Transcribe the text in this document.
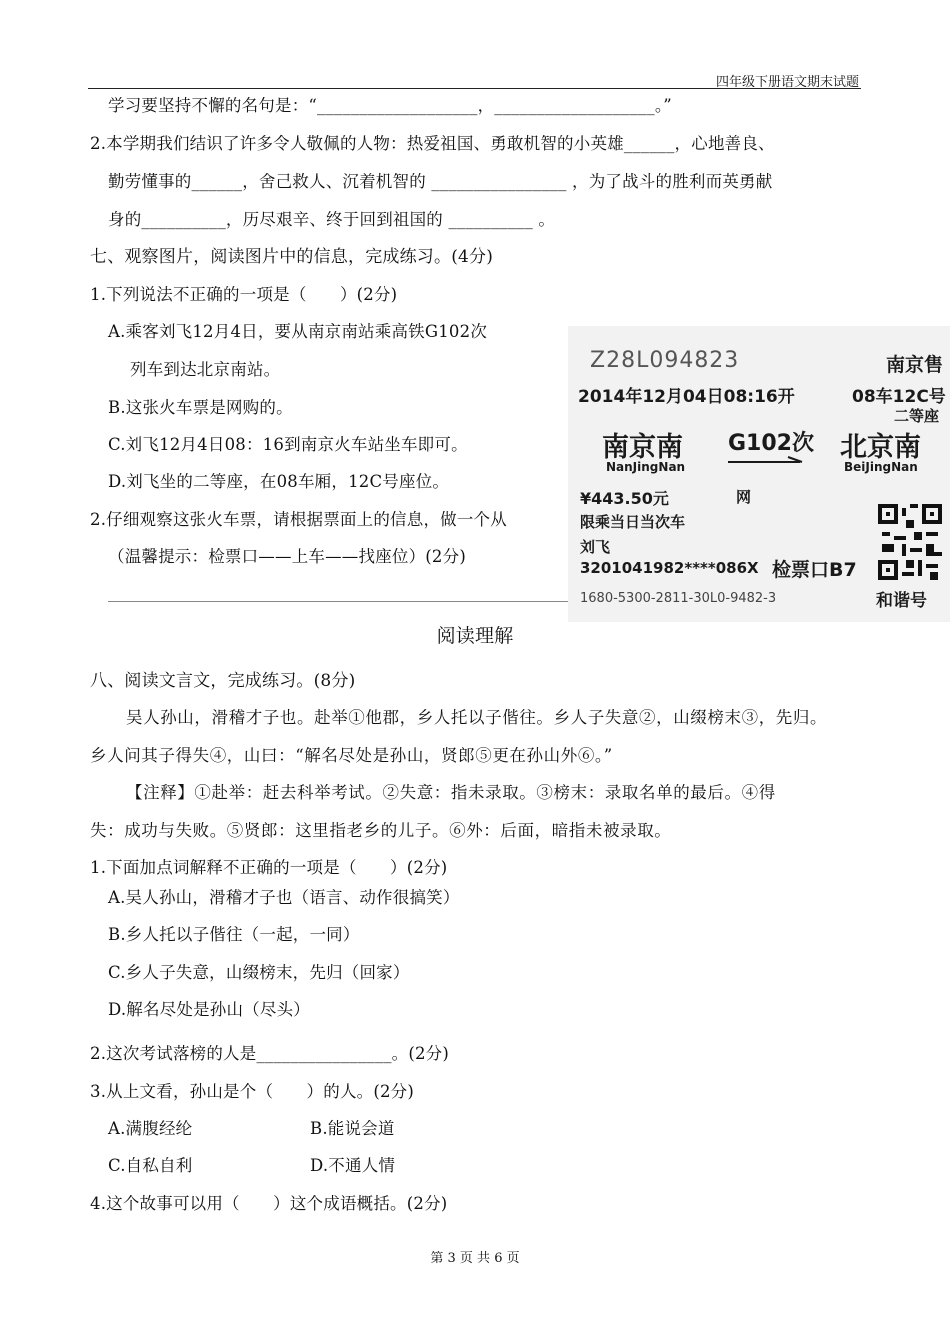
四年级下册语文期末试题
学习要坚持不懈的名句是：“___________________，___________________。”
2.本学期我们结识了许多令人敬佩的人物：热爱祖国、勇敢机智的小英雄______，心地善良、
勤劳懂事的______，舍己救人、沉着机智的 ________________ ，为了战斗的胜利而英勇献
身的__________，历尽艰辛、终于回到祖国的 __________ 。
七、观察图片，阅读图片中的信息，完成练习。(4分)
1.下列说法不正确的一项是（　　）(2分)
A.乘客刘飞12月4日，要从南京南站乘高铁G102次
列车到达北京南站。
B.这张火车票是网购的。
C.刘飞12月4日08：16到南京火车站坐车即可。
D.刘飞坐的二等座，在08车厢，12C号座位。
2.仔细观察这张火车票，请根据票面上的信息，做一个从
（温馨提示：检票口——上车——找座位）(2分)
Z28L094823	南京售
2014年12月04日08:16开	08车12C号
二等座
南京南
NanJingNan
G102次 北京南
BeiJingNan
¥443.50元	网
限乘当日当次车
刘飞
3201041982****086X 检票口B7
1680-5300-2811-30L0-9482-3	和谐号
阅读理解
八、阅读文言文，完成练习。(8分)
吴人孙山，滑稽才子也。赴举①他郡，乡人托以子偕往。乡人子失意②，山缀榜末③，先归。
乡人问其子得失④，山曰：“解名尽处是孙山，贤郎⑤更在孙山外⑥。”
【注释】①赴举：赶去科举考试。②失意：指未录取。③榜末：录取名单的最后。④得
失：成功与失败。⑤贤郎：这里指老乡的儿子。⑥外：后面，暗指未被录取。
1.下面加点词解释不正确的一项是（　　）(2分)
A.吴人孙山，滑稽才子也（语言、动作很搞笑）
B.乡人托以子偕往（一起，一同）
C.乡人子失意，山缀榜末，先归（回家）
D.解名尽处是孙山（尽头）
2.这次考试落榜的人是________________。(2分)
3.从上文看，孙山是个（　　）的人。(2分)
A.满腹经纶	B.能说会道
C.自私自利	D.不通人情
4.这个故事可以用（　　）这个成语概括。(2分)
第 3 页 共 6 页
